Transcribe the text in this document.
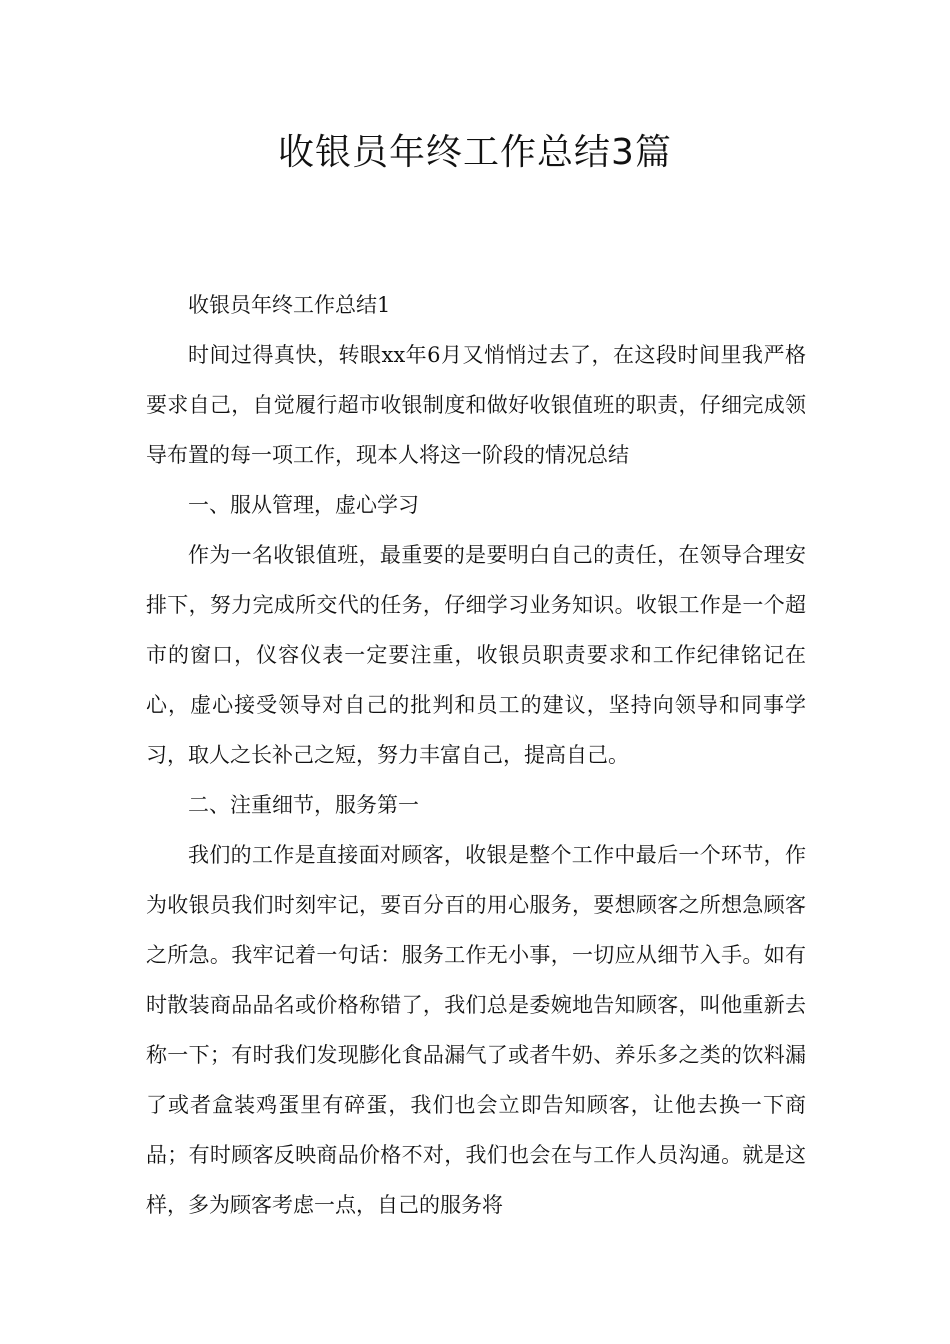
收银员年终工作总结3篇

收银员年终工作总结1

时间过得真快，转眼xx年6月又悄悄过去了，在这段时间里我严格要求自己，自觉履行超市收银制度和做好收银值班的职责，仔细完成领导布置的每一项工作，现本人将这一阶段的情况总结

一、服从管理，虚心学习

作为一名收银值班，最重要的是要明白自己的责任，在领导合理安排下，努力完成所交代的任务，仔细学习业务知识。收银工作是一个超市的窗口，仪容仪表一定要注重，收银员职责要求和工作纪律铭记在心，虚心接受领导对自己的批判和员工的建议，坚持向领导和同事学习，取人之长补己之短，努力丰富自己，提高自己。

二、注重细节，服务第一

我们的工作是直接面对顾客，收银是整个工作中最后一个环节，作为收银员我们时刻牢记，要百分百的用心服务，要想顾客之所想急顾客之所急。我牢记着一句话：服务工作无小事，一切应从细节入手。如有时散装商品品名或价格称错了，我们总是委婉地告知顾客，叫他重新去称一下；有时我们发现膨化食品漏气了或者牛奶、养乐多之类的饮料漏了或者盒装鸡蛋里有碎蛋，我们也会立即告知顾客，让他去换一下商品；有时顾客反映商品价格不对，我们也会在与工作人员沟通。就是这样，多为顾客考虑一点，自己的服务将
